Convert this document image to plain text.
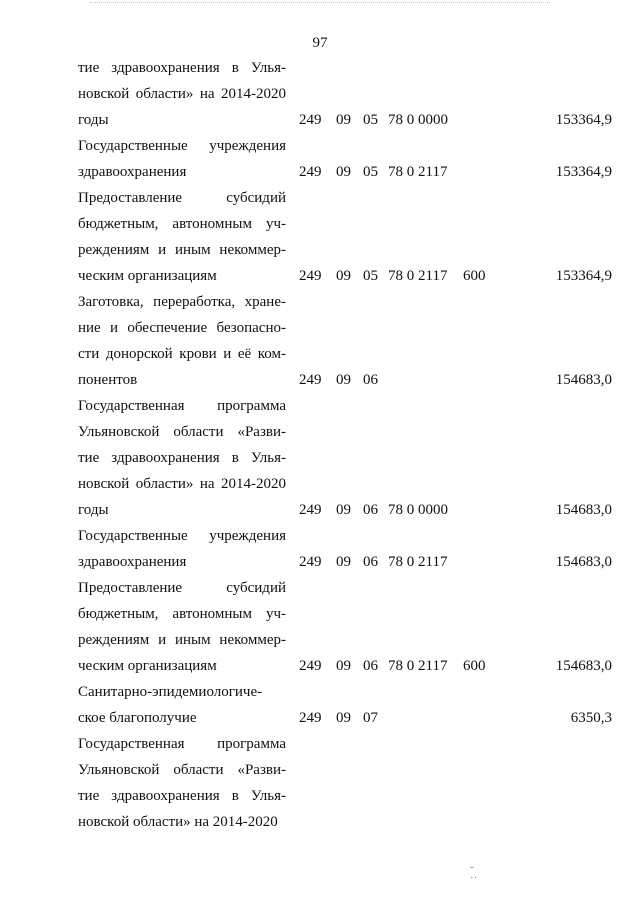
97
тие здравоохранения в Улья-
новской области» на 2014-2020
годы	249 09 05 78 0 0000	153364,9
Государственные учреждения
здравоохранения	249 09 05 78 0 2117	153364,9
Предоставление субсидий
бюджетным, автономным уч-
реждениям и иным некоммер-
ческим организациям	249 09 05 78 0 2117 600	153364,9
Заготовка, переработка, хране-
ние и обеспечение безопасно-
сти донорской крови и её ком-
понентов	249 09 06	154683,0
Государственная программа
Ульяновской области «Разви-
тие здравоохранения в Улья-
новской области» на 2014-2020
годы	249 09 06 78 0 0000	154683,0
Государственные учреждения
здравоохранения	249 09 06 78 0 2117	154683,0
Предоставление субсидий
бюджетным, автономным уч-
реждениям и иным некоммер-
ческим организациям	249 09 06 78 0 2117 600	154683,0
Санитарно-эпидемиологиче-
ское благополучие	249 09 07	6350,3
Государственная программа
Ульяновской области «Разви-
тие здравоохранения в Улья-
новской области» на 2014-2020
˘
˙˙
